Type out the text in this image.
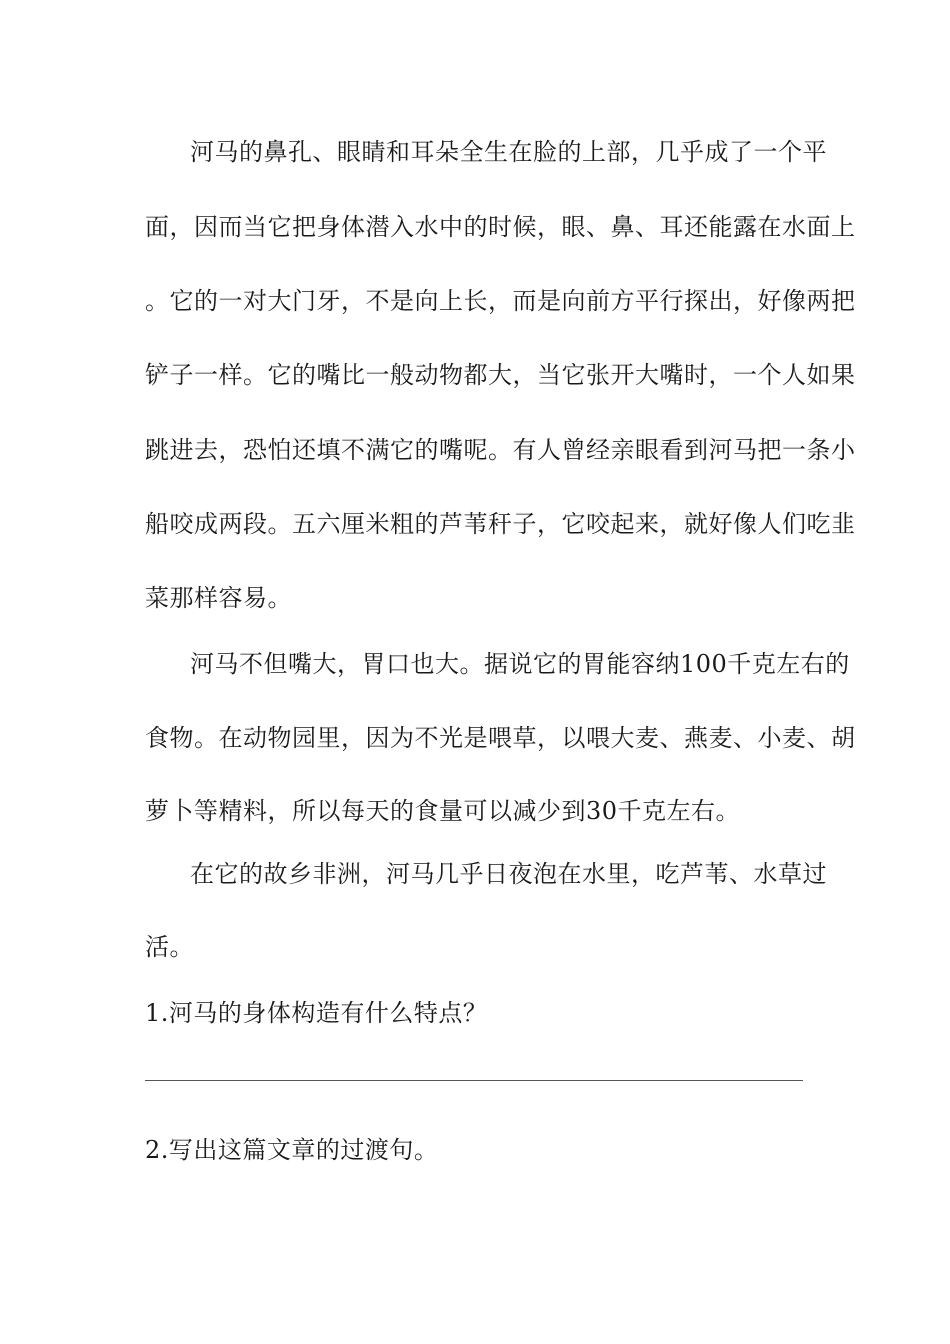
河马的鼻孔、眼睛和耳朵全生在脸的上部，几乎成了一个平
面，因而当它把身体潜入水中的时候，眼、鼻、耳还能露在水面上
。它的一对大门牙，不是向上长，而是向前方平行探出，好像两把
铲子一样。它的嘴比一般动物都大，当它张开大嘴时，一个人如果
跳进去，恐怕还填不满它的嘴呢。有人曾经亲眼看到河马把一条小
船咬成两段。五六厘米粗的芦苇秆子，它咬起来，就好像人们吃韭
菜那样容易。
河马不但嘴大，胃口也大。据说它的胃能容纳100千克左右的
食物。在动物园里，因为不光是喂草，以喂大麦、燕麦、小麦、胡
萝卜等精料，所以每天的食量可以减少到30千克左右。
在它的故乡非洲，河马几乎日夜泡在水里，吃芦苇、水草过
活。
1.河马的身体构造有什么特点？
2.写出这篇文章的过渡句。
